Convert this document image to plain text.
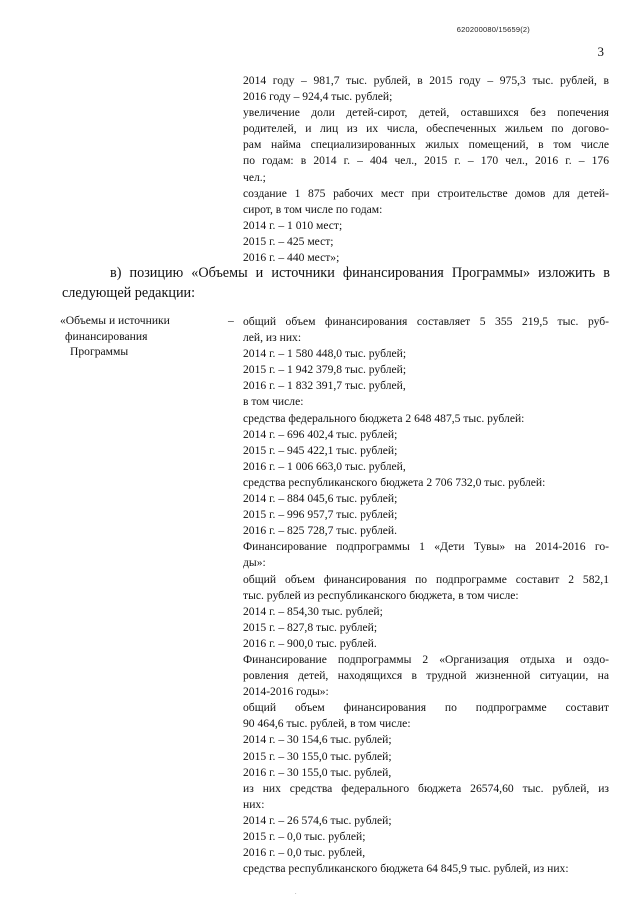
620200080/15659(2)
3
2014 году – 981,7 тыс. рублей, в 2015 году – 975,3 тыс. рублей, в
2016 году – 924,4 тыс. рублей;
увеличение доли детей-сирот, детей, оставшихся без попечения
родителей, и лиц из их числа, обеспеченных жильем по догово-
рам найма специализированных жилых помещений, в том числе
по годам: в 2014 г. – 404 чел., 2015 г. – 170 чел., 2016 г. – 176
чел.;
создание 1 875 рабочих мест при строительстве домов для детей-
сирот, в том числе по годам:
2014 г. – 1 010 мест;
2015 г. – 425 мест;
2016 г. – 440 мест»;
в) позицию «Объемы и источники финансирования Программы» изложить в
следующей редакции:
«Объемы и источники
финансирования
Программы
– общий объем финансирования составляет 5 355 219,5 тыс. руб-
лей, из них:
2014 г. – 1 580 448,0 тыс. рублей;
2015 г. – 1 942 379,8 тыс. рублей;
2016 г. – 1 832 391,7 тыс. рублей,
в том числе:
средства федерального бюджета 2 648 487,5 тыс. рублей:
2014 г. – 696 402,4 тыс. рублей;
2015 г. – 945 422,1 тыс. рублей;
2016 г. – 1 006 663,0 тыс. рублей,
средства республиканского бюджета 2 706 732,0 тыс. рублей:
2014 г. – 884 045,6 тыс. рублей;
2015 г. – 996 957,7 тыс. рублей;
2016 г. – 825 728,7 тыс. рублей.
Финансирование подпрограммы 1 «Дети Тувы» на 2014-2016 го-
ды»:
общий объем финансирования по подпрограмме составит 2 582,1
тыс. рублей из республиканского бюджета, в том числе:
2014 г. – 854,30 тыс. рублей;
2015 г. – 827,8 тыс. рублей;
2016 г. – 900,0 тыс. рублей.
Финансирование подпрограммы 2 «Организация отдыха и оздо-
ровления детей, находящихся в трудной жизненной ситуации, на
2014-2016 годы»:
общий объем финансирования по подпрограмме составит
90 464,6 тыс. рублей, в том числе:
2014 г. – 30 154,6 тыс. рублей;
2015 г. – 30 155,0 тыс. рублей;
2016 г. – 30 155,0 тыс. рублей,
из них средства федерального бюджета 26574,60 тыс. рублей, из
них:
2014 г. – 26 574,6 тыс. рублей;
2015 г. – 0,0 тыс. рублей;
2016 г. – 0,0 тыс. рублей,
средства республиканского бюджета 64 845,9 тыс. рублей, из них:
.
